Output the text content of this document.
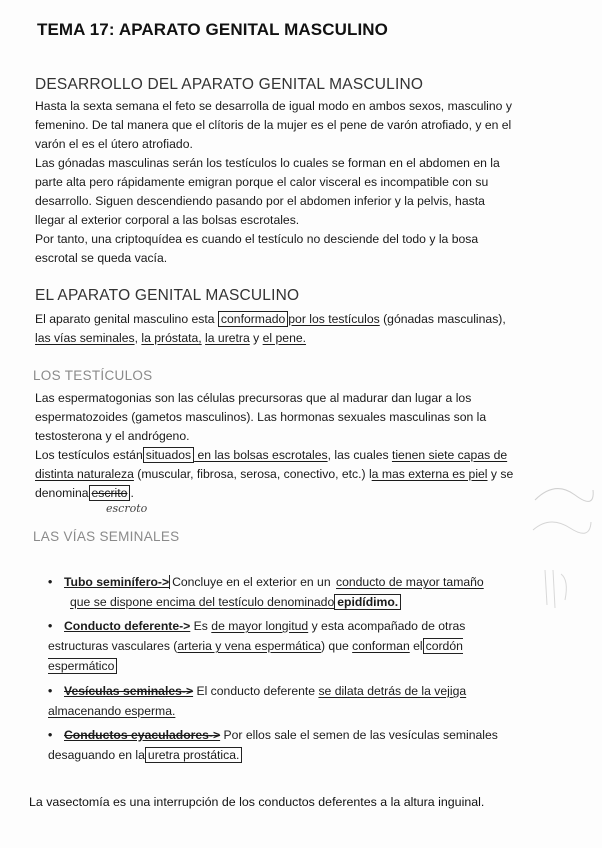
TEMA 17: APARATO GENITAL MASCULINO
DESARROLLO DEL APARATO GENITAL MASCULINO

Hasta la sexta semana el feto se desarrolla de igual modo en ambos sexos, masculino y femenino. De tal manera que el clítoris de la mujer es el pene de varón atrofiado, y en el varón el es el útero atrofiado.

Las gónadas masculinas serán los testículos lo cuales se forman en el abdomen en la parte alta pero rápidamente emigran porque el calor visceral es incompatible con su desarrollo. Siguen descendiendo pasando por el abdomen inferior y la pelvis, hasta llegar al exterior corporal a las bolsas escrotales.

Por tanto, una criptoquídea es cuando el testículo no desciende del todo y la bosa escrotal se queda vacía.

EL APARATO GENITAL MASCULINO

El aparato genital masculino esta conformado por los testículos (gónadas masculinas), las vías seminales, la próstata, la uretra y el pene.

LOS TESTÍCULOS

Las espermatogonias son las células precursoras que al madurar dan lugar a los espermatozoides (gametos masculinos). Las hormonas sexuales masculinas son la testosterona y el andrógeno.

Los testículos están situados en las bolsas escrotales, las cuales tienen siete capas de distinta naturaleza (muscular, fibrosa, serosa, conectivo, etc.) la mas externa es piel y se denomina escrito .

escroto
LAS VÍAS SEMINALES
• Tubo seminífero-> Concluye en el exterior en un conducto de mayor tamaño
que se dispone encima del testículo denominado epidídimo.
• Conducto deferente-> Es de mayor longitud y esta acompañado de otras estructuras vasculares (arteria y vena espermática) que conforman el cordón espermático
• Vesículas seminales-> El conducto deferente se dilata detrás de la vejiga almacenando esperma.
• Conductos eyaculadores-> Por ellos sale el semen de las vesículas seminales desaguando en la uretra prostática.
La vasectomía es una interrupción de los conductos deferentes a la altura inguinal.
